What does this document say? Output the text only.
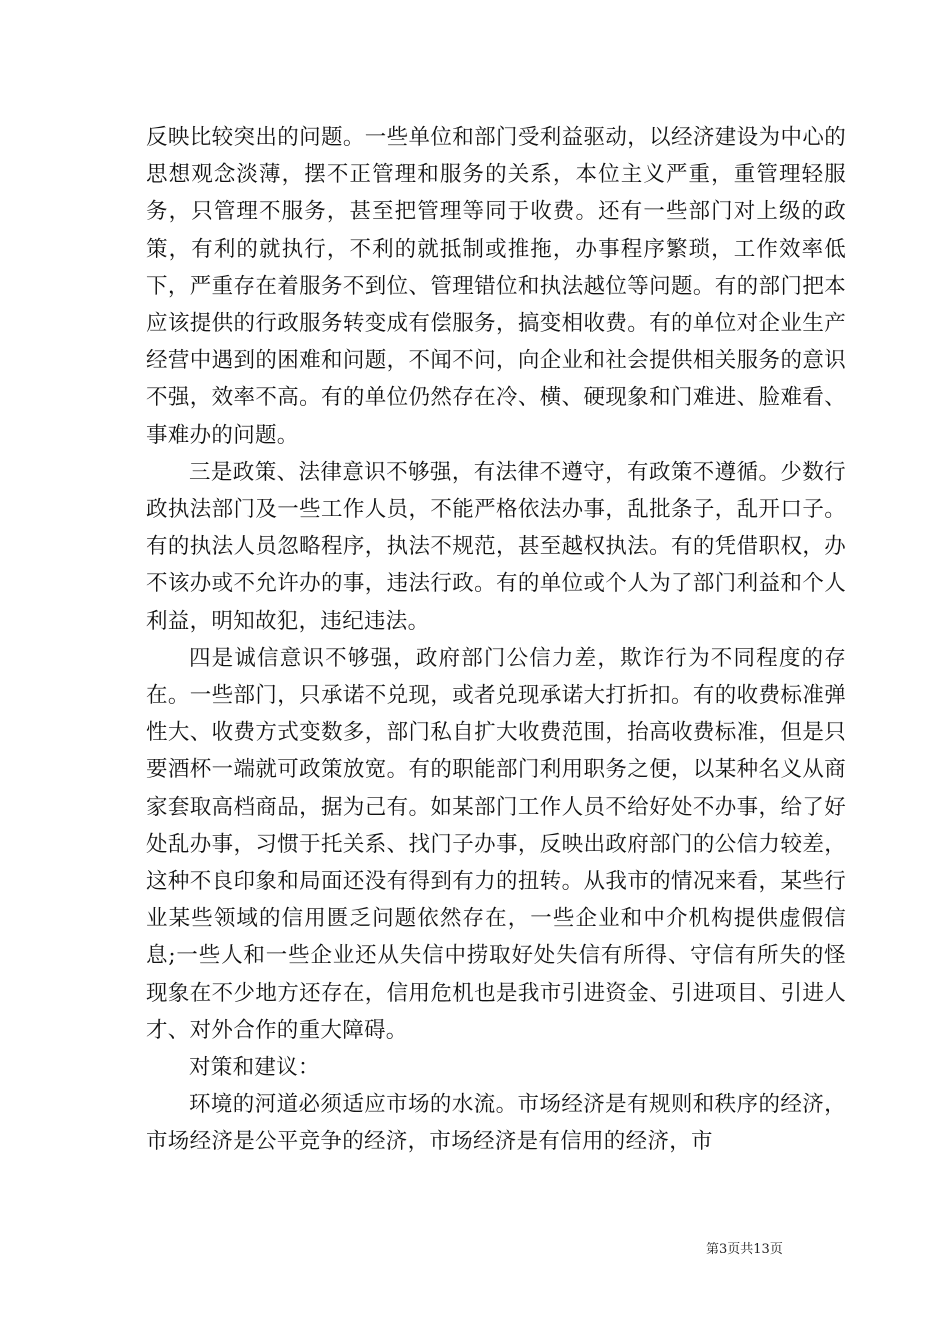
反映比较突出的问题。一些单位和部门受利益驱动，以经济建设为中心的思想观念淡薄，摆不正管理和服务的关系，本位主义严重，重管理轻服务，只管理不服务，甚至把管理等同于收费。还有一些部门对上级的政策，有利的就执行，不利的就抵制或推拖，办事程序繁琐，工作效率低下，严重存在着服务不到位、管理错位和执法越位等问题。有的部门把本应该提供的行政服务转变成有偿服务，搞变相收费。有的单位对企业生产经营中遇到的困难和问题，不闻不问，向企业和社会提供相关服务的意识不强，效率不高。有的单位仍然存在冷、横、硬现象和门难进、脸难看、事难办的问题。

三是政策、法律意识不够强，有法律不遵守，有政策不遵循。少数行政执法部门及一些工作人员，不能严格依法办事，乱批条子，乱开口子。有的执法人员忽略程序，执法不规范，甚至越权执法。有的凭借职权，办不该办或不允许办的事，违法行政。有的单位或个人为了部门利益和个人利益，明知故犯，违纪违法。

四是诚信意识不够强，政府部门公信力差，欺诈行为不同程度的存在。一些部门，只承诺不兑现，或者兑现承诺大打折扣。有的收费标准弹性大、收费方式变数多，部门私自扩大收费范围，抬高收费标准，但是只要酒杯一端就可政策放宽。有的职能部门利用职务之便，以某种名义从商家套取高档商品，据为己有。如某部门工作人员不给好处不办事，给了好处乱办事，习惯于托关系、找门子办事，反映出政府部门的公信力较差，这种不良印象和局面还没有得到有力的扭转。从我市的情况来看，某些行业某些领域的信用匮乏问题依然存在，一些企业和中介机构提供虚假信息;一些人和一些企业还从失信中捞取好处失信有所得、守信有所失的怪现象在不少地方还存在，信用危机也是我市引进资金、引进项目、引进人才、对外合作的重大障碍。

对策和建议：

环境的河道必须适应市场的水流。市场经济是有规则和秩序的经济，市场经济是公平竞争的经济，市场经济是有信用的经济，市

第3页共13页
